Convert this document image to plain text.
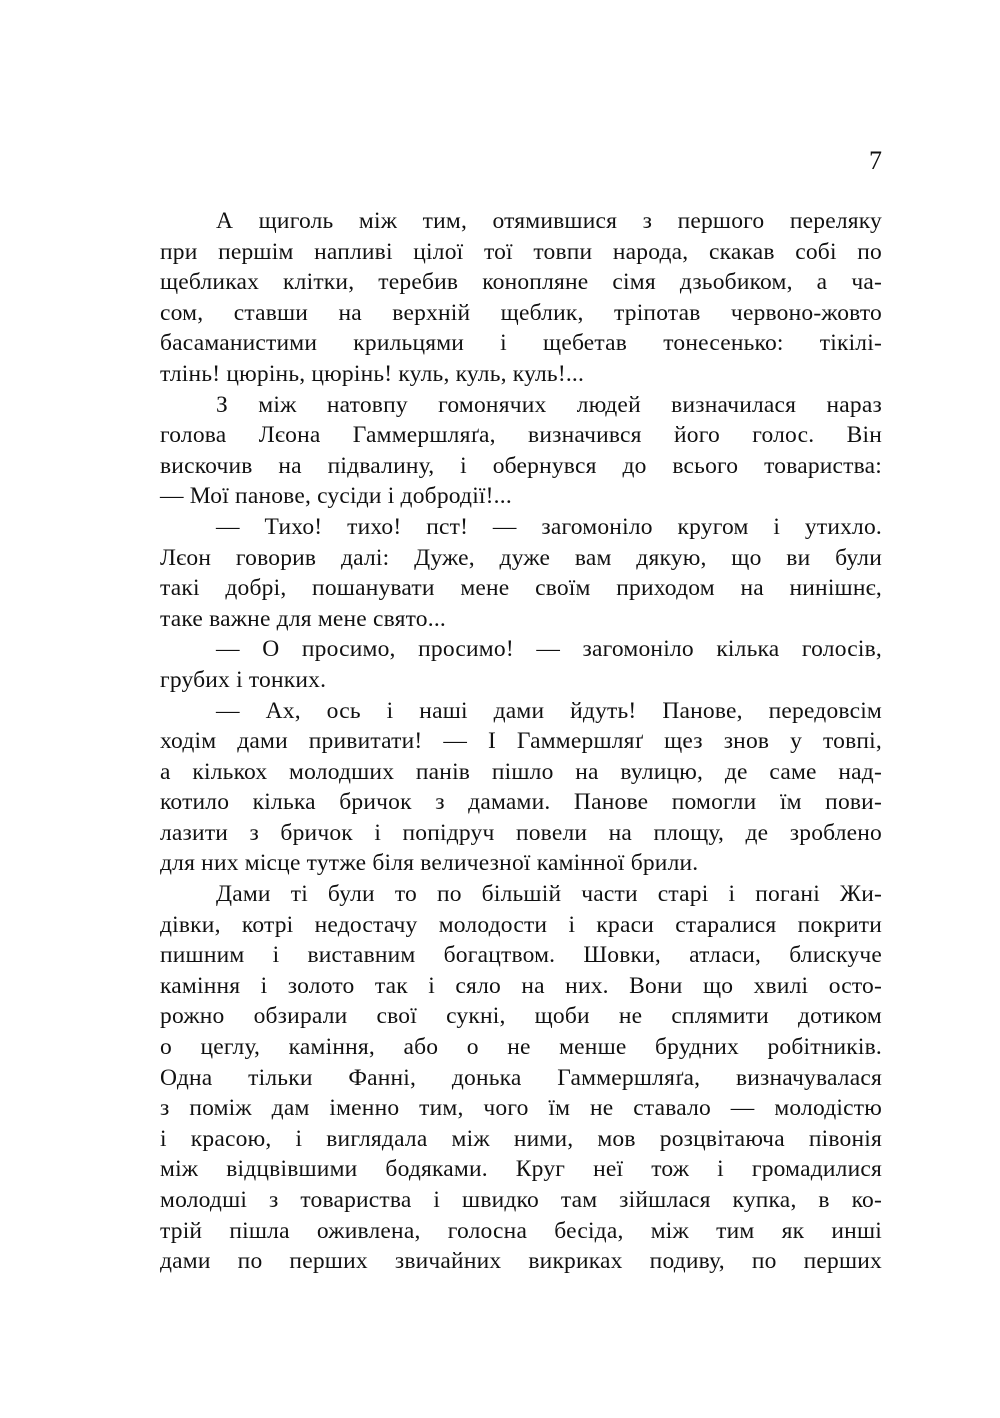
7
А щиголь між тим, отямившися з першого переляку
при першім напливі цілої тої товпи народа, скакав собі по
щебликах клітки, теребив конопляне сімя дзьобиком, а ча-
сом, ставши на верхній щеблик, тріпотав червоно-жовто
басаманистими крильцями і щебетав тонесенько: тікілі-
тлінь! цюрінь, цюрінь! куль, куль, куль!...
З між натовпу гомонячих людей визначилася нараз
голова Лєона Гаммершляґа, визначився його голос. Він
вискочив на підвалину, і обернувся до всього товариства:
— Мої панове, сусіди і добродії!...
— Тихо! тихо! пст! — загомоніло кругом і утихло.
Лєон говорив далі: Дуже, дуже вам дякую, що ви були
такі добрі, пошанувати мене своїм приходом на нинішнє,
таке важне для мене свято...
— О просимо, просимо! — загомоніло кілька голосів,
грубих і тонких.
— Ах, ось і наші дами йдуть! Панове, передовсім
ходім дами привитати! — І Гаммершляґ щез знов у товпі,
а кількох молодших панів пішло на вулицю, де саме над-
котило кілька бричок з дамами. Панове помогли їм пови-
лазити з бричок і попідруч повели на площу, де зроблено
для них місце тутже біля величезної камінної брили.
Дами ті були то по більшій части старі і погані Жи-
дівки, котрі недостачу молодости і краси старалися покрити
пишним і виставним богацтвом. Шовки, атласи, блискуче
каміння і золото так і сяло на них. Вони що хвилі осто-
рожно обзирали свої сукні, щоби не сплямити дотиком
о цеглу, каміння, або о не менше брудних робітників.
Одна тільки Фанні, донька Гаммершляґа, визначувалася
з поміж дам іменно тим, чого їм не ставало — молодістю
і красою, і виглядала між ними, мов розцвітаюча півонія
між відцвівшими бодяками. Круг неї тож і громадилися
молодші з товариства і швидко там зійшлася купка, в ко-
трій пішла оживлена, голосна бесіда, між тим як инші
дами по перших звичайних викриках подиву, по перших
